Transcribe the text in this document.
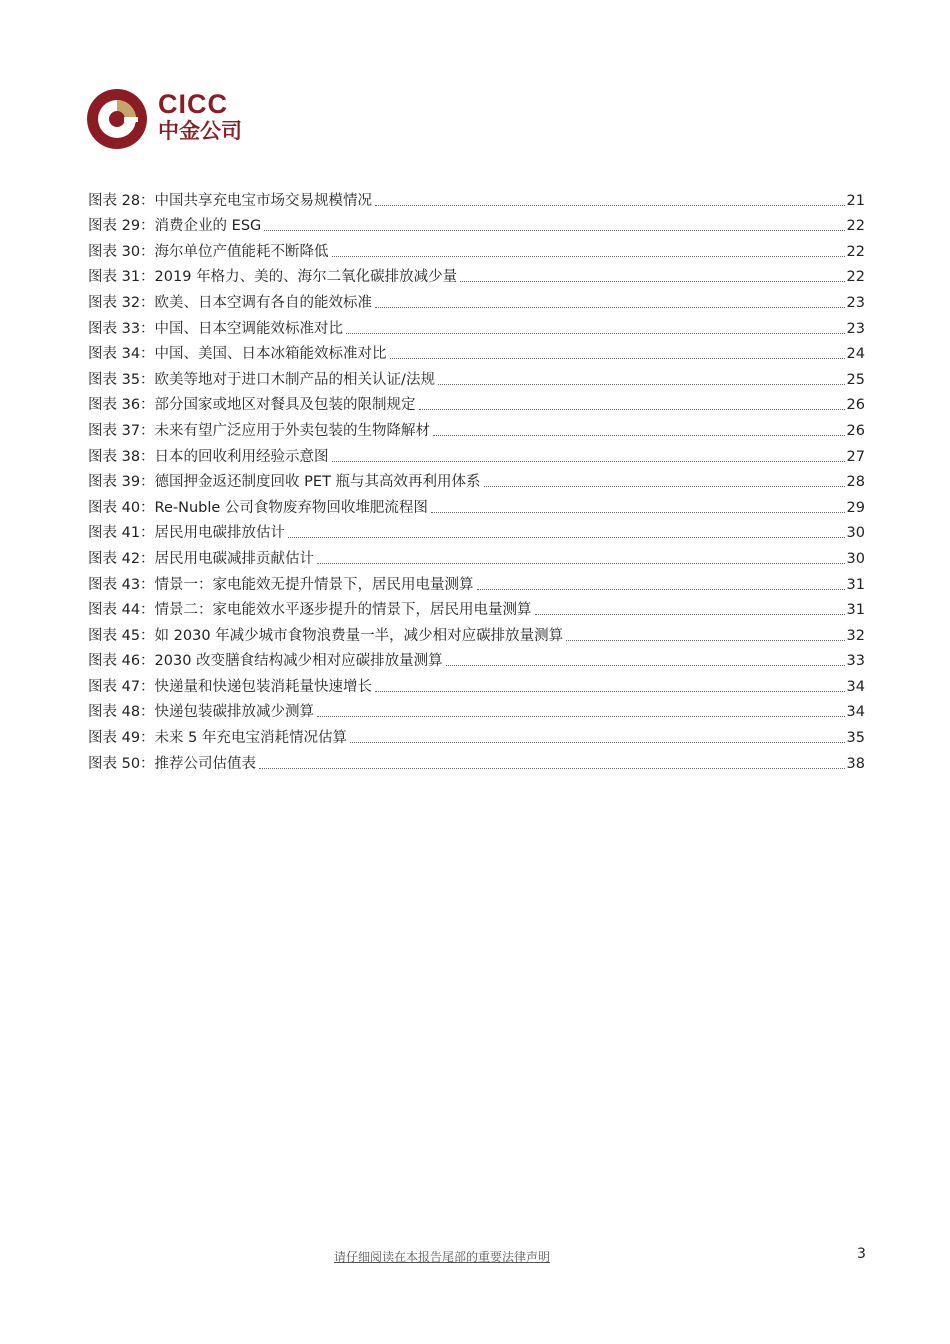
CICC
中金公司
图表 28：中国共享充电宝市场交易规模情况	21
图表 29：消费企业的 ESG	22
图表 30：海尔单位产值能耗不断降低	22
图表 31：2019 年格力、美的、海尔二氧化碳排放减少量	22
图表 32：欧美、日本空调有各自的能效标准	23
图表 33：中国、日本空调能效标准对比	23
图表 34：中国、美国、日本冰箱能效标准对比	24
图表 35：欧美等地对于进口木制产品的相关认证/法规	25
图表 36：部分国家或地区对餐具及包装的限制规定	26
图表 37：未来有望广泛应用于外卖包装的生物降解材	26
图表 38：日本的回收利用经验示意图	27
图表 39：德国押金返还制度回收 PET 瓶与其高效再利用体系	28
图表 40：Re-Nuble 公司食物废弃物回收堆肥流程图	29
图表 41：居民用电碳排放估计	30
图表 42：居民用电碳减排贡献估计	30
图表 43：情景一：家电能效无提升情景下，居民用电量测算	31
图表 44：情景二：家电能效水平逐步提升的情景下，居民用电量测算	31
图表 45：如 2030 年减少城市食物浪费量一半，减少相对应碳排放量测算	32
图表 46：2030 改变膳食结构减少相对应碳排放量测算	33
图表 47：快递量和快递包装消耗量快速增长	34
图表 48：快递包装碳排放减少测算	34
图表 49：未来 5 年充电宝消耗情况估算	35
图表 50：推荐公司估值表	38
请仔细阅读在本报告尾部的重要法律声明	3
